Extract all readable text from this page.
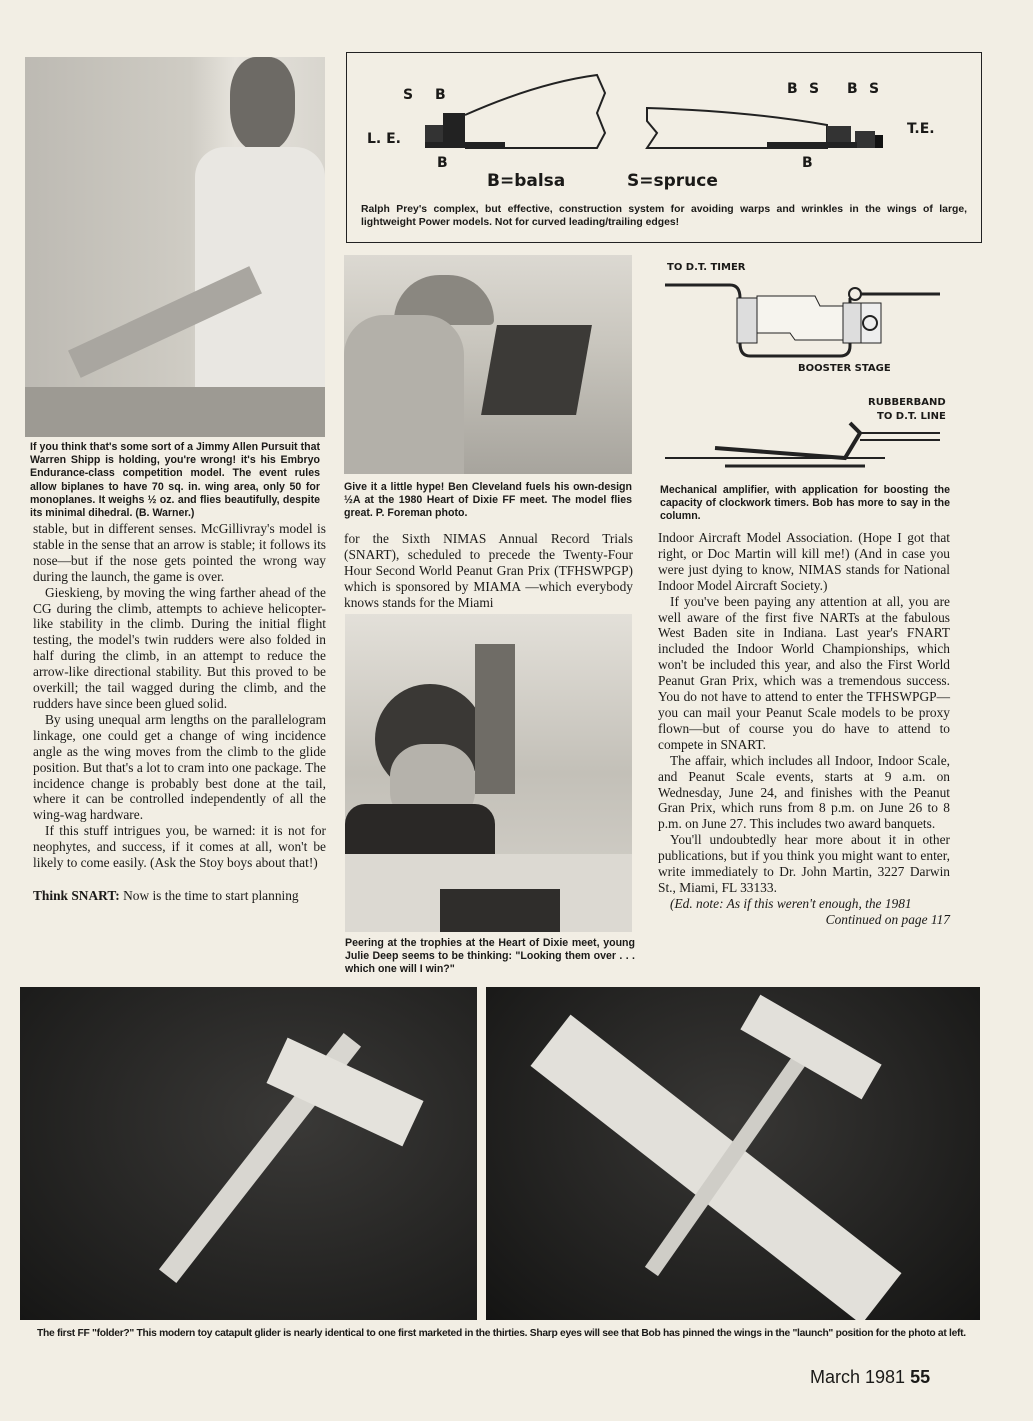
If you think that's some sort of a Jimmy Allen Pursuit that Warren Shipp is holding, you're wrong! it's his Embryo Endurance-class competition model. The event rules allow biplanes to have 70 sq. in. wing area, only 50 for monoplanes. It weighs ½ oz. and flies beautifully, despite its minimal dihedral. (B. Warner.)
L. E.
S B
B
T.E.
B S B S
B
B=balsa	S=spruce
Ralph Prey's complex, but effective, construction system for avoiding warps and wrinkles in the wings of large, lightweight Power models. Not for curved leading/trailing edges!
Give it a little hype! Ben Cleveland fuels his own-design ½A at the 1980 Heart of Dixie FF meet. The model flies great. P. Foreman photo.
TO D.T. TIMER
BOOSTER STAGE
RUBBERBAND
TO D.T. LINE
Mechanical amplifier, with application for boosting the capacity of clockwork timers. Bob has more to say in the column.

stable, but in different senses. McGillivray's model is stable in the sense that an arrow is stable; it follows its nose—but if the nose gets pointed the wrong way during the launch, the game is over.

Gieskieng, by moving the wing farther ahead of the CG during the climb, attempts to achieve helicopter-like stability in the climb. During the initial flight testing, the model's twin rudders were also folded in half during the climb, in an attempt to reduce the arrow-like directional stability. But this proved to be overkill; the tail wagged during the climb, and the rudders have since been glued solid.

By using unequal arm lengths on the parallelogram linkage, one could get a change of wing incidence angle as the wing moves from the climb to the glide position. But that's a lot to cram into one package. The incidence change is probably best done at the tail, where it can be controlled independently of all the wing-wag hardware.

If this stuff intrigues you, be warned: it is not for neophytes, and success, if it comes at all, won't be likely to come easily. (Ask the Stoy boys about that!)

Think SNART: Now is the time to start planning

for the Sixth NIMAS Annual Record Trials (SNART), scheduled to precede the Twenty-Four Hour Second World Peanut Gran Prix (TFHSWPGP) which is sponsored by MIAMA —which everybody knows stands for the Miami

Peering at the trophies at the Heart of Dixie meet, young Julie Deep seems to be thinking: "Looking them over . . . which one will I win?"

Indoor Aircraft Model Association. (Hope I got that right, or Doc Martin will kill me!) (And in case you were just dying to know, NIMAS stands for National Indoor Model Aircraft Society.)

If you've been paying any attention at all, you are well aware of the first five NARTs at the fabulous West Baden site in Indiana. Last year's FNART included the Indoor World Championships, which won't be included this year, and also the First World Peanut Gran Prix, which was a tremendous success. You do not have to attend to enter the TFHSWPGP—you can mail your Peanut Scale models to be proxy flown—but of course you do have to attend to compete in SNART.

The affair, which includes all Indoor, Indoor Scale, and Peanut Scale events, starts at 9 a.m. on Wednesday, June 24, and finishes with the Peanut Gran Prix, which runs from 8 p.m. on June 26 to 8 p.m. on June 27. This includes two award banquets.

You'll undoubtedly hear more about it in other publications, but if you think you might want to enter, write immediately to Dr. John Martin, 3227 Darwin St., Miami, FL 33133.

(Ed. note: As if this weren't enough, the 1981

Continued on page 117

The first FF "folder?" This modern toy catapult glider is nearly identical to one first marketed in the thirties. Sharp eyes will see that Bob has pinned the wings in the "launch" position for the photo at left.
March 1981 55
